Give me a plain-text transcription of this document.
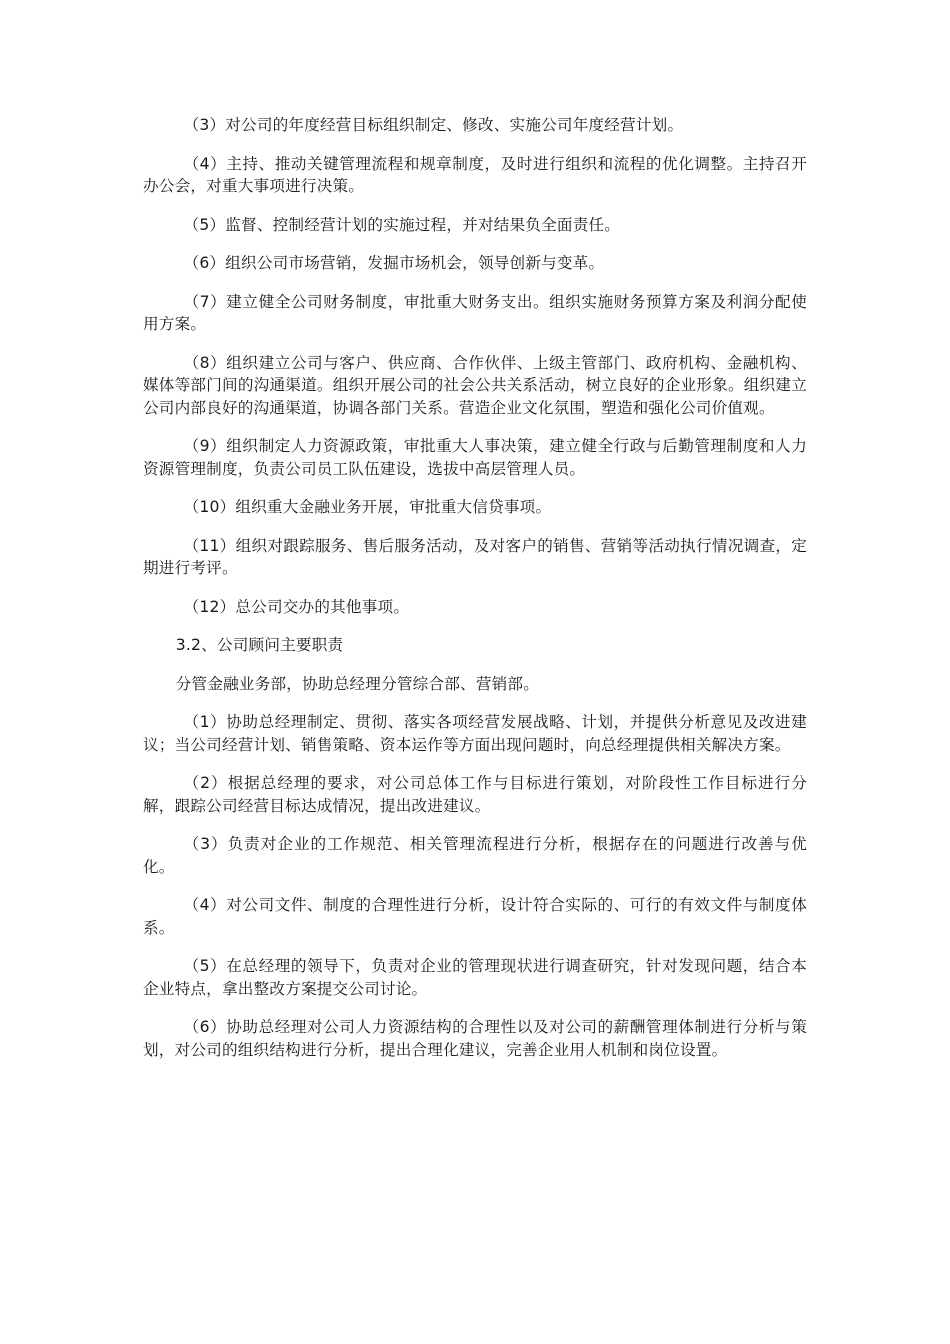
（3）对公司的年度经营目标组织制定、修改、实施公司年度经营计划。

（4）主持、推动关键管理流程和规章制度，及时进行组织和流程的优化调整。主持召开办公会，对重大事项进行决策。

（5）监督、控制经营计划的实施过程，并对结果负全面责任。

（6）组织公司市场营销，发掘市场机会，领导创新与变革。

（7）建立健全公司财务制度，审批重大财务支出。组织实施财务预算方案及利润分配使用方案。

（8）组织建立公司与客户、供应商、合作伙伴、上级主管部门、政府机构、金融机构、媒体等部门间的沟通渠道。组织开展公司的社会公共关系活动，树立良好的企业形象。组织建立公司内部良好的沟通渠道，协调各部门关系。营造企业文化氛围，塑造和强化公司价值观。

（9）组织制定人力资源政策，审批重大人事决策，建立健全行政与后勤管理制度和人力资源管理制度，负责公司员工队伍建设，选拔中高层管理人员。

（10）组织重大金融业务开展，审批重大信贷事项。

（11）组织对跟踪服务、售后服务活动，及对客户的销售、营销等活动执行情况调查，定期进行考评。

（12）总公司交办的其他事项。

3.2、公司顾问主要职责

分管金融业务部，协助总经理分管综合部、营销部。

（1）协助总经理制定、贯彻、落实各项经营发展战略、计划，并提供分析意见及改进建议；当公司经营计划、销售策略、资本运作等方面出现问题时，向总经理提供相关解决方案。

（2）根据总经理的要求，对公司总体工作与目标进行策划，对阶段性工作目标进行分解，跟踪公司经营目标达成情况，提出改进建议。

（3）负责对企业的工作规范、相关管理流程进行分析，根据存在的问题进行改善与优化。

（4）对公司文件、制度的合理性进行分析，设计符合实际的、可行的有效文件与制度体系。

（5）在总经理的领导下，负责对企业的管理现状进行调查研究，针对发现问题，结合本企业特点，拿出整改方案提交公司讨论。

（6）协助总经理对公司人力资源结构的合理性以及对公司的薪酬管理体制进行分析与策划，对公司的组织结构进行分析，提出合理化建议，完善企业用人机制和岗位设置。
